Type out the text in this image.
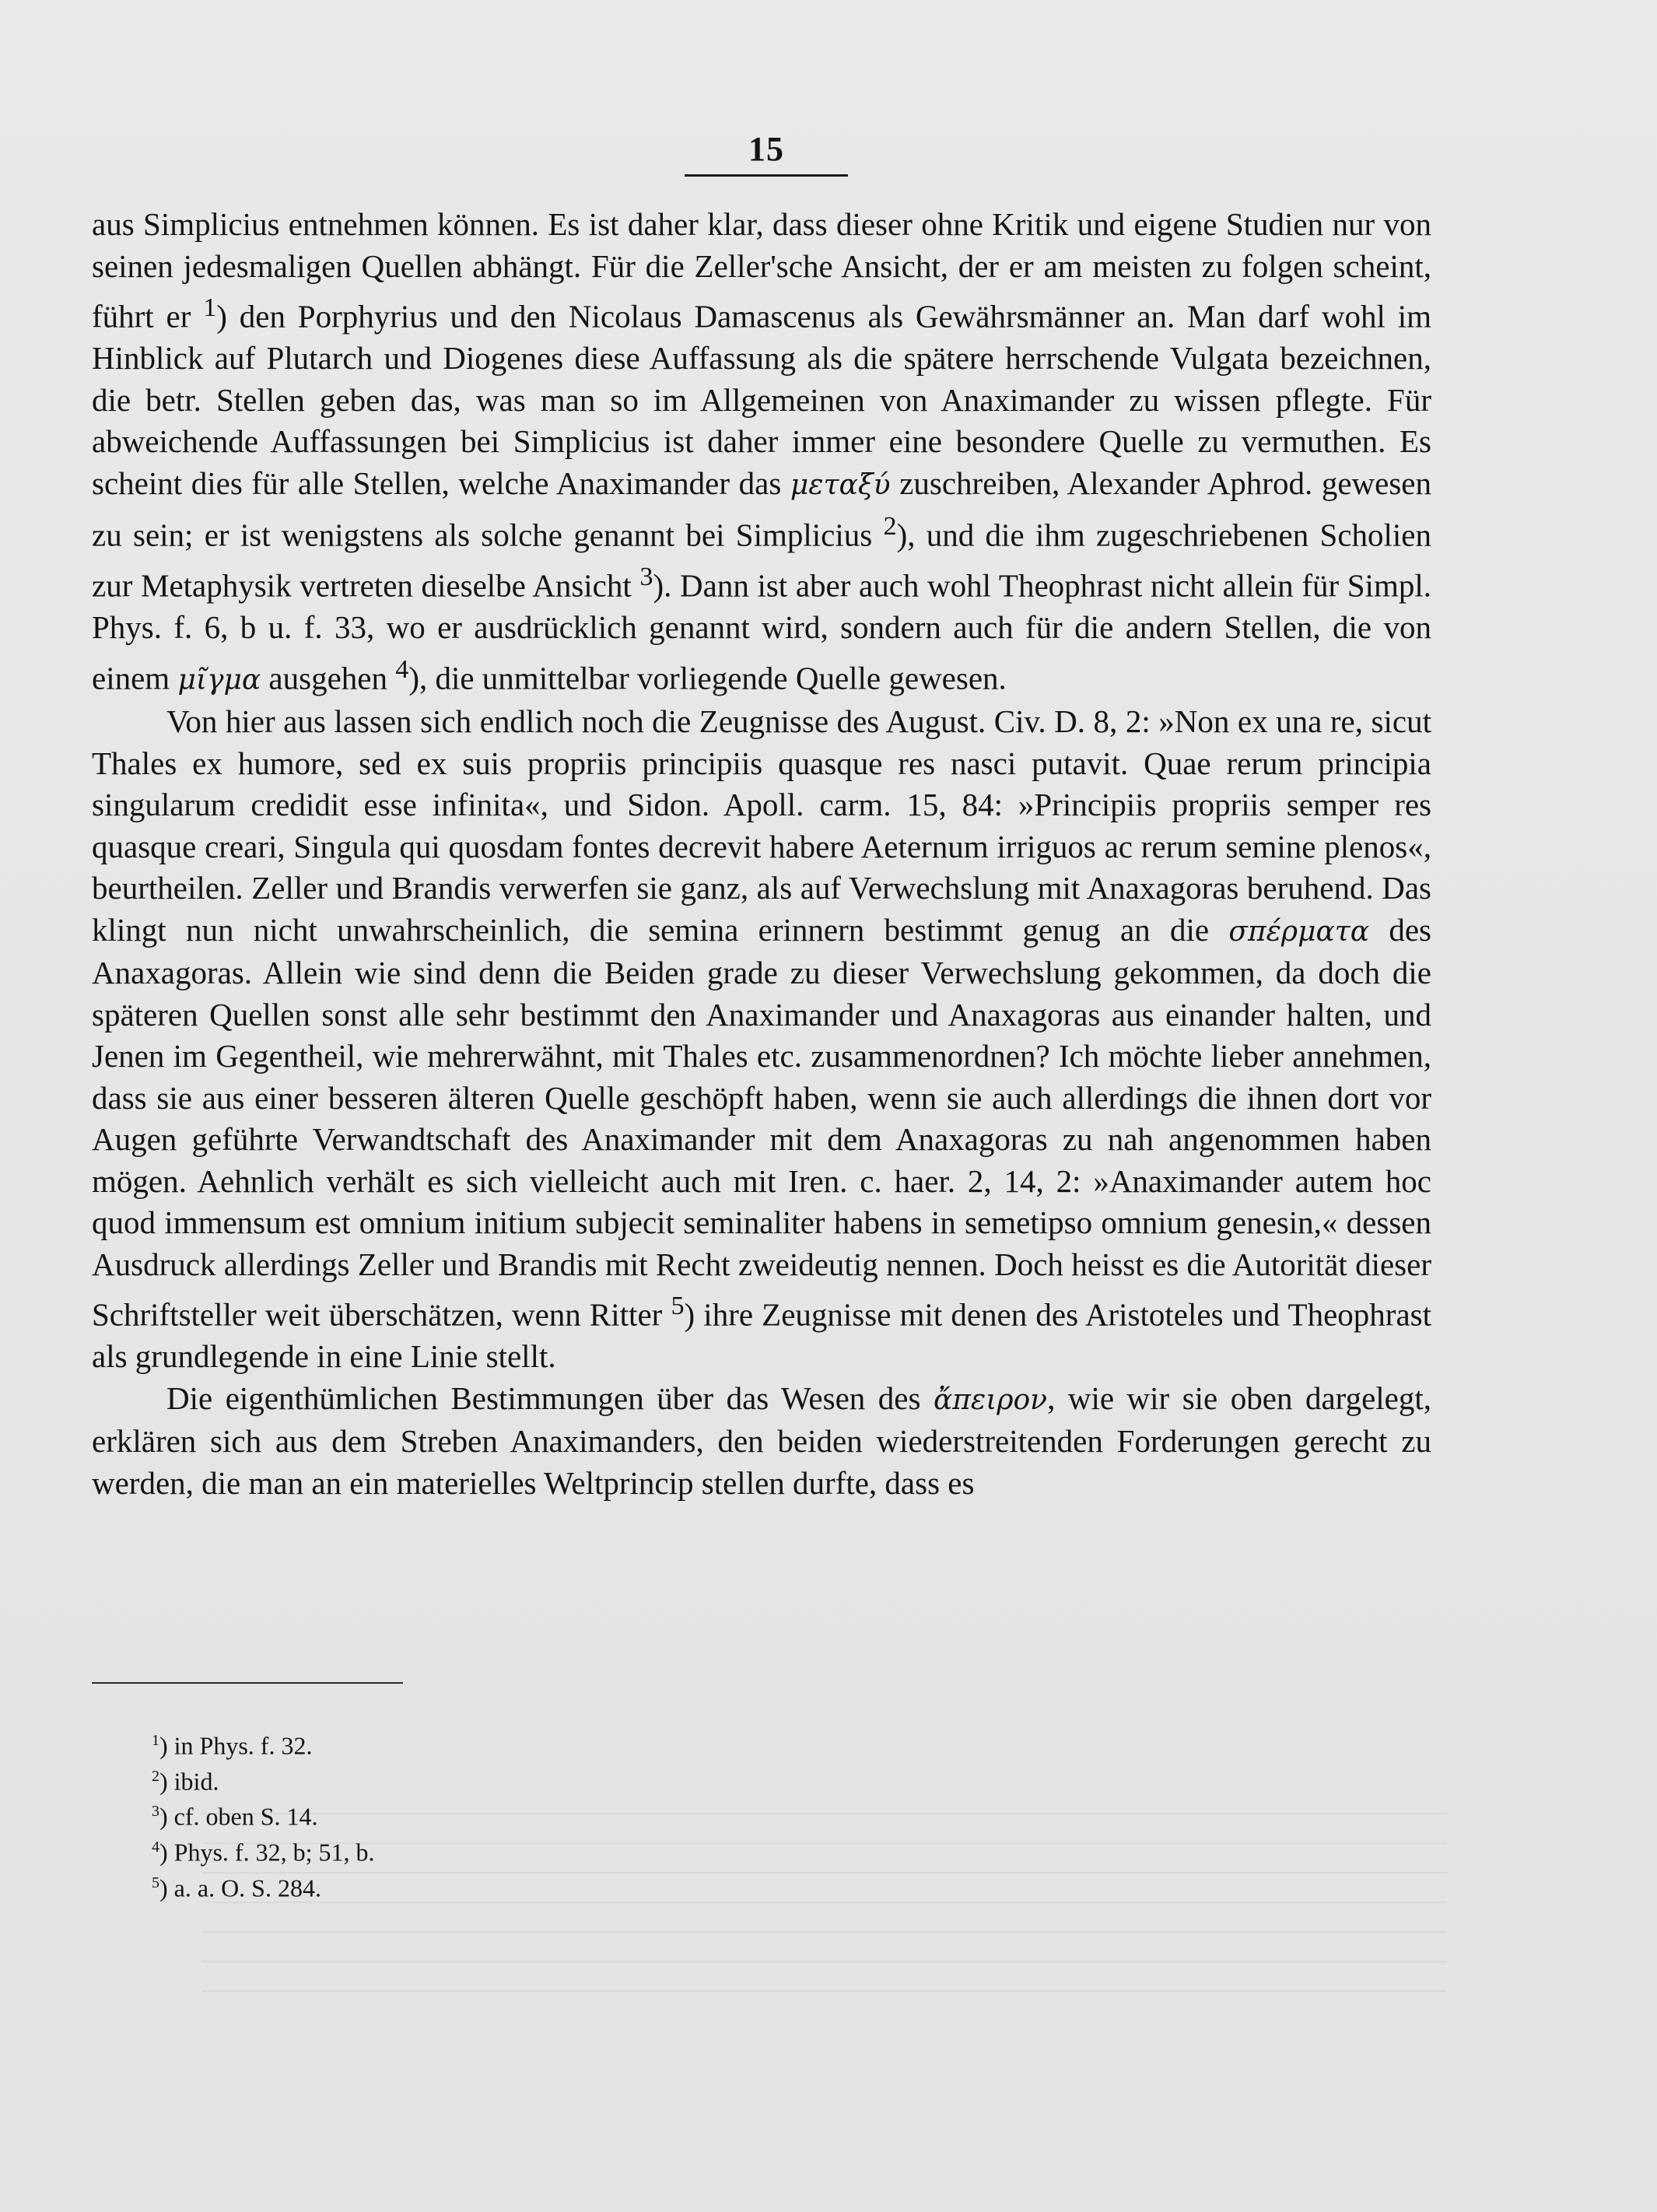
15

aus Simplicius entnehmen können. Es ist daher klar, dass dieser ohne Kritik und eigene Studien nur von seinen jedesmaligen Quellen abhängt. Für die Zeller'sche Ansicht, der er am meisten zu folgen scheint, führt er $^1$) den Porphyrius und den Nicolaus Damascenus als Gewährsmänner an. Man darf wohl im Hinblick auf Plutarch und Diogenes diese Auffassung als die spätere herrschende Vulgata bezeichnen, die betr. Stellen geben das, was man so im Allgemeinen von Anaximander zu wissen pflegte. Für abweichende Auffassungen bei Simplicius ist daher immer eine besondere Quelle zu vermuthen. Es scheint dies für alle Stellen, welche Anaximander das μεταξύ zuschreiben, Alexander Aphrod. gewesen zu sein; er ist wenigstens als solche genannt bei Simplicius $^2$), und die ihm zugeschriebenen Scholien zur Metaphysik vertreten dieselbe Ansicht $^3$). Dann ist aber auch wohl Theophrast nicht allein für Simpl. Phys. f. 6, b u. f. 33, wo er ausdrücklich genannt wird, sondern auch für die andern Stellen, die von einem μῖγμα ausgehen $^4$), die unmittelbar vorliegende Quelle gewesen.

Von hier aus lassen sich endlich noch die Zeugnisse des August. Civ. D. 8, 2: »Non ex una re, sicut Thales ex humore, sed ex suis propriis principiis quasque res nasci putavit. Quae rerum principia singularum credidit esse infinita«, und Sidon. Apoll. carm. 15, 84: »Principiis propriis semper res quasque creari, Singula qui quosdam fontes decrevit habere Aeternum irriguos ac rerum semine plenos«, beurtheilen. Zeller und Brandis verwerfen sie ganz, als auf Verwechslung mit Anaxagoras beruhend. Das klingt nun nicht unwahrscheinlich, die semina erinnern bestimmt genug an die σπέρματα des Anaxagoras. Allein wie sind denn die Beiden grade zu dieser Verwechslung gekommen, da doch die späteren Quellen sonst alle sehr bestimmt den Anaximander und Anaxagoras aus einander halten, und Jenen im Gegentheil, wie mehrerwähnt, mit Thales etc. zusammenordnen? Ich möchte lieber annehmen, dass sie aus einer besseren älteren Quelle geschöpft haben, wenn sie auch allerdings die ihnen dort vor Augen geführte Verwandtschaft des Anaximander mit dem Anaxagoras zu nah angenommen haben mögen. Aehnlich verhält es sich vielleicht auch mit Iren. c. haer. 2, 14, 2: »Anaximander autem hoc quod immensum est omnium initium subjecit seminaliter habens in semetipso omnium genesin,« dessen Ausdruck allerdings Zeller und Brandis mit Recht zweideutig nennen. Doch heisst es die Autorität dieser Schriftsteller weit überschätzen, wenn Ritter $^5$) ihre Zeugnisse mit denen des Aristoteles und Theophrast als grundlegende in eine Linie stellt.

Die eigenthümlichen Bestimmungen über das Wesen des ἄπειρον, wie wir sie oben dargelegt, erklären sich aus dem Streben Anaximanders, den beiden wiederstreitenden Forderungen gerecht zu werden, die man an ein materielles Weltprincip stellen durfte, dass es

$^1$) in Phys. f. 32.
$^2$) ibid.
$^3$) cf. oben S. 14.
$^4$) Phys. f. 32, b; 51, b.
$^5$) a. a. O. S. 284.
